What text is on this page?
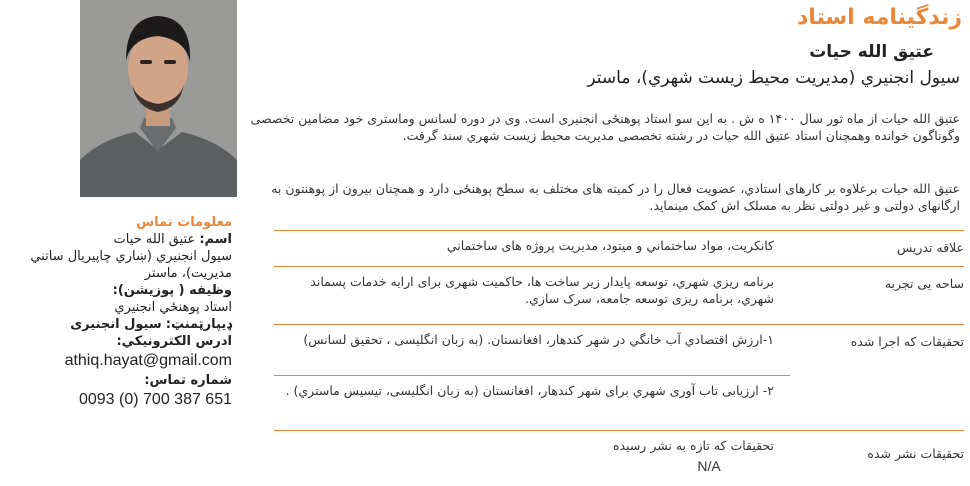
زندگینامه استاد
عتیق الله حیات
سیول انجنیري (مدیریت محیط زیست شهري)، ماستر
عتیق الله حیات از ماه ثور سال ۱۴۰۰ ه ش . به این سو استاد پوهنځی انجنیری است. وی در دوره لسانس وماستری خود مضامین تخصصی وگوناگون خوانده وهمچنان استاد عتیق الله حیات در رشته تخصصی مدیریت محیط زیست شهري سند گرفت.
عتیق الله حیات برعلاوه بر کارهای استادي، عضویت فعال را در کمیته های مختلف به سطح پوهنځی دارد و همچنان بیرون از پوهنتون به ارگانهای دولتی و غیر دولتی نظر به مسلک اش کمک مینماید.
معلومات تماس
اسم: عتیق الله حیات
سیول انجنیري (ښاري چاپیریال ساتني مدیریت)، ماستر
وظیفه ( پوزیشن):
استاد پوهنځي انجنيري
ډیپارټمنټ: سیول انجنیری
ادرس الکترونیکي:
athiq.hayat@gmail.com
شماره تماس:
0093 (0) 700 387 651
علاقه تدریس
کانکریت، مواد ساختماني و میتود، مدیریت پروژه های ساختماني
ساحه یی تجربه
برنامه ریزي شهري، توسعه پایدار زیر ساخت ها، حاکمیت شهری برای ارایه خدمات پسماند شهري، برنامه ریزی توسعه جامعه، سرک سازي.
تحقیقات که اجرا شده
۱-ارزش اقتصادي آب خانگي در شهر کندهار، افغانستان. (به زبان انگلیسی ، تحقیق لسانس)
۲- ارزیابی تاب آوری شهري برای شهر کندهار، افغانستان (به زبان انگلیسی، تیسیس ماستري) .
تحقیقات نشر شده
تحقیقات که تازه به نشر رسیده
N/A
